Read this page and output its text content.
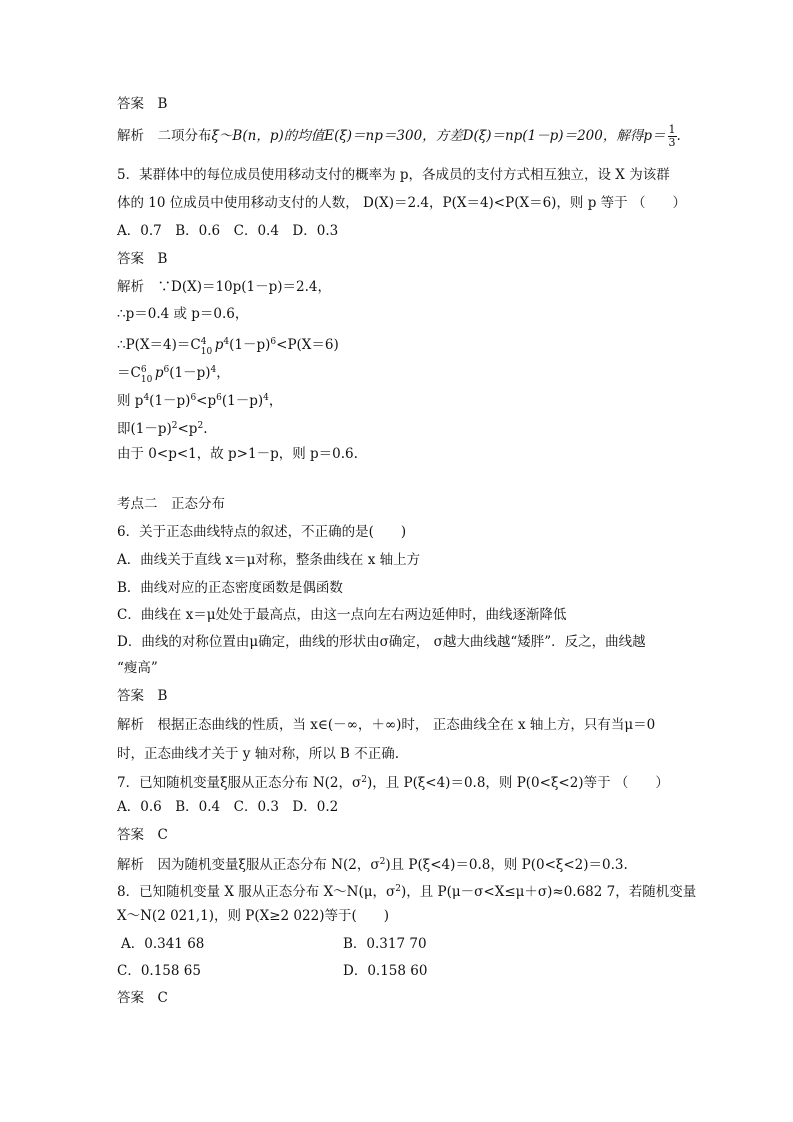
答案　B
解析　二项分布ξ～B(n，p)的均值E(ξ)＝np＝300，方差D(ξ)＝np(1－p)＝200，解得$p= \frac{1}{3}$ .
5．某群体中的每位成员使用移动支付的概率为 p，各成员的支付方式相互独立，设 X 为该群
体的 10 位成员中使用移动支付的人数， D(X)＝2.4，P(X＝4)<P(X＝6)，则 p 等于 （　　）
A．0.7　B．0.6　C．0.4　D．0.3
答案　B
解析　∵D(X)＝10p(1－p)＝2.4，
∴p＝0.4 或 p＝0.6，
∴P(X＝4)＝C 4
10 $p^4(1-p)^6<P(X=6)$
＝C 6
10 $p^6(1-p)^4$，
则 $p^4(1-p)^6<p^6(1-p)^4$，
即$(1-p)^2<p^2$.
由于 0<p<1，故 p>1－p，则 p＝0.6.
考点二　正态分布
6．关于正态曲线特点的叙述，不正确的是(　　)
A．曲线关于直线 x＝μ对称，整条曲线在 x 轴上方
B．曲线对应的正态密度函数是偶函数
C．曲线在 x＝μ处处于最高点，由这一点向左右两边延伸时，曲线逐渐降低
D．曲线的对称位置由μ确定，曲线的形状由σ确定， σ越大曲线越“矮胖”．反之，曲线越
“瘦高”
答案　B
解析　根据正态曲线的性质，当 x∈(－∞，＋∞)时， 正态曲线全在 x 轴上方，只有当μ＝0
时，正态曲线才关于 y 轴对称，所以 B 不正确.
7．已知随机变量ξ服从正态分布 N(2，$\sigma^2$)，且 P(ξ<4)＝0.8，则 P(0<ξ<2)等于 （　　）
A．0.6　B．0.4　C．0.3　D．0.2
答案　C
解析　因为随机变量ξ服从正态分布 N(2，$\sigma^2$)且 P(ξ<4)＝0.8，则 P(0<ξ<2)＝0.3.
8．已知随机变量 X 服从正态分布 X～N(μ，$\sigma^2$)，且 P(μ－σ<X≤μ＋σ)≈0.682 7，若随机变量
X～N(2 021,1)，则 P(X≥2 022)等于(　　)
A．0.341 68	B．0.317 70
C．0.158 65	D．0.158 60
答案　C
